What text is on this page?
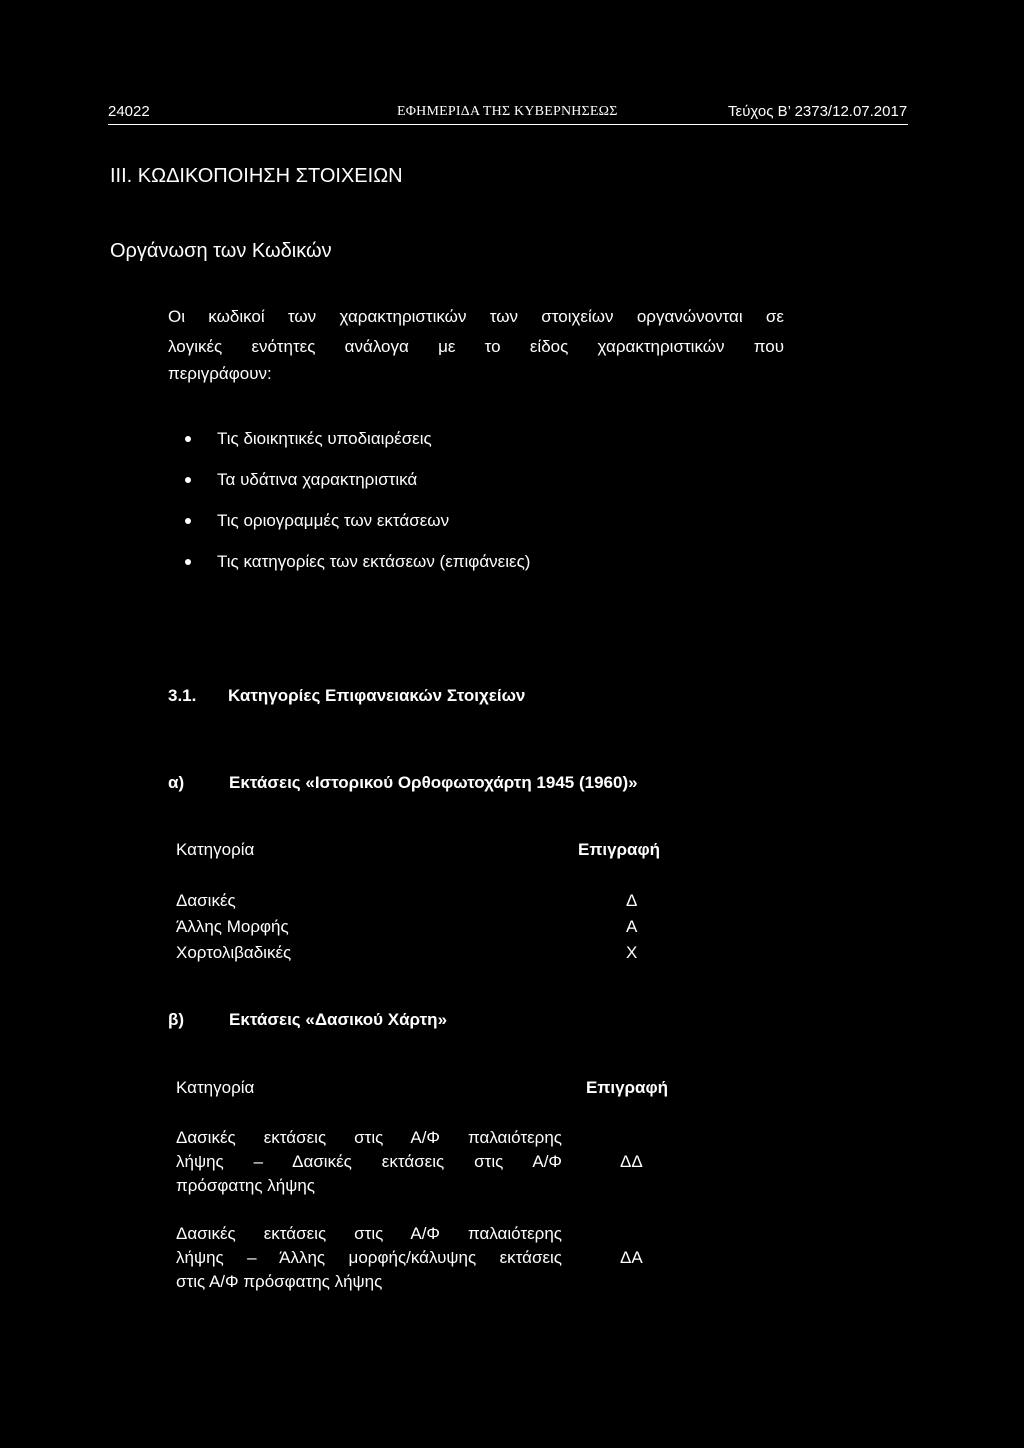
24022	ΕΦΗΜΕΡΙΔΑ ΤΗΣ ΚΥΒΕΡΝΗΣΕΩΣ	Τεύχος Β’ 2373/12.07.2017
III. ΚΩΔΙΚΟΠΟΙΗΣΗ ΣΤΟΙΧΕΙΩΝ
Οργάνωση των Κωδικών
Οι κωδικοί των χαρακτηριστικών των στοιχείων οργανώνονται σε
λογικές ενότητες ανάλογα με το είδος χαρακτηριστικών που
περιγράφουν:
Τις διοικητικές υποδιαιρέσεις
Τα υδάτινα χαρακτηριστικά
Τις οριογραμμές των εκτάσεων
Τις κατηγορίες των εκτάσεων (επιφάνειες)
3.1. Κατηγορίες Επιφανειακών Στοιχείων
α)	Εκτάσεις «Ιστορικού Ορθοφωτοχάρτη 1945 (1960)»
Κατηγορία	Επιγραφή
Δασικές	Δ
Άλλης Μορφής	Α
Χορτολιβαδικές	Χ
β)	Εκτάσεις «Δασικού Χάρτη»
Κατηγορία	Επιγραφή
Δασικές εκτάσεις στις Α/Φ παλαιότερης
λήψης – Δασικές εκτάσεις στις Α/Φ
πρόσφατης λήψης
ΔΔ
Δασικές εκτάσεις στις Α/Φ παλαιότερης
λήψης – Άλλης μορφής/κάλυψης εκτάσεις
στις Α/Φ πρόσφατης λήψης
ΔΑ
